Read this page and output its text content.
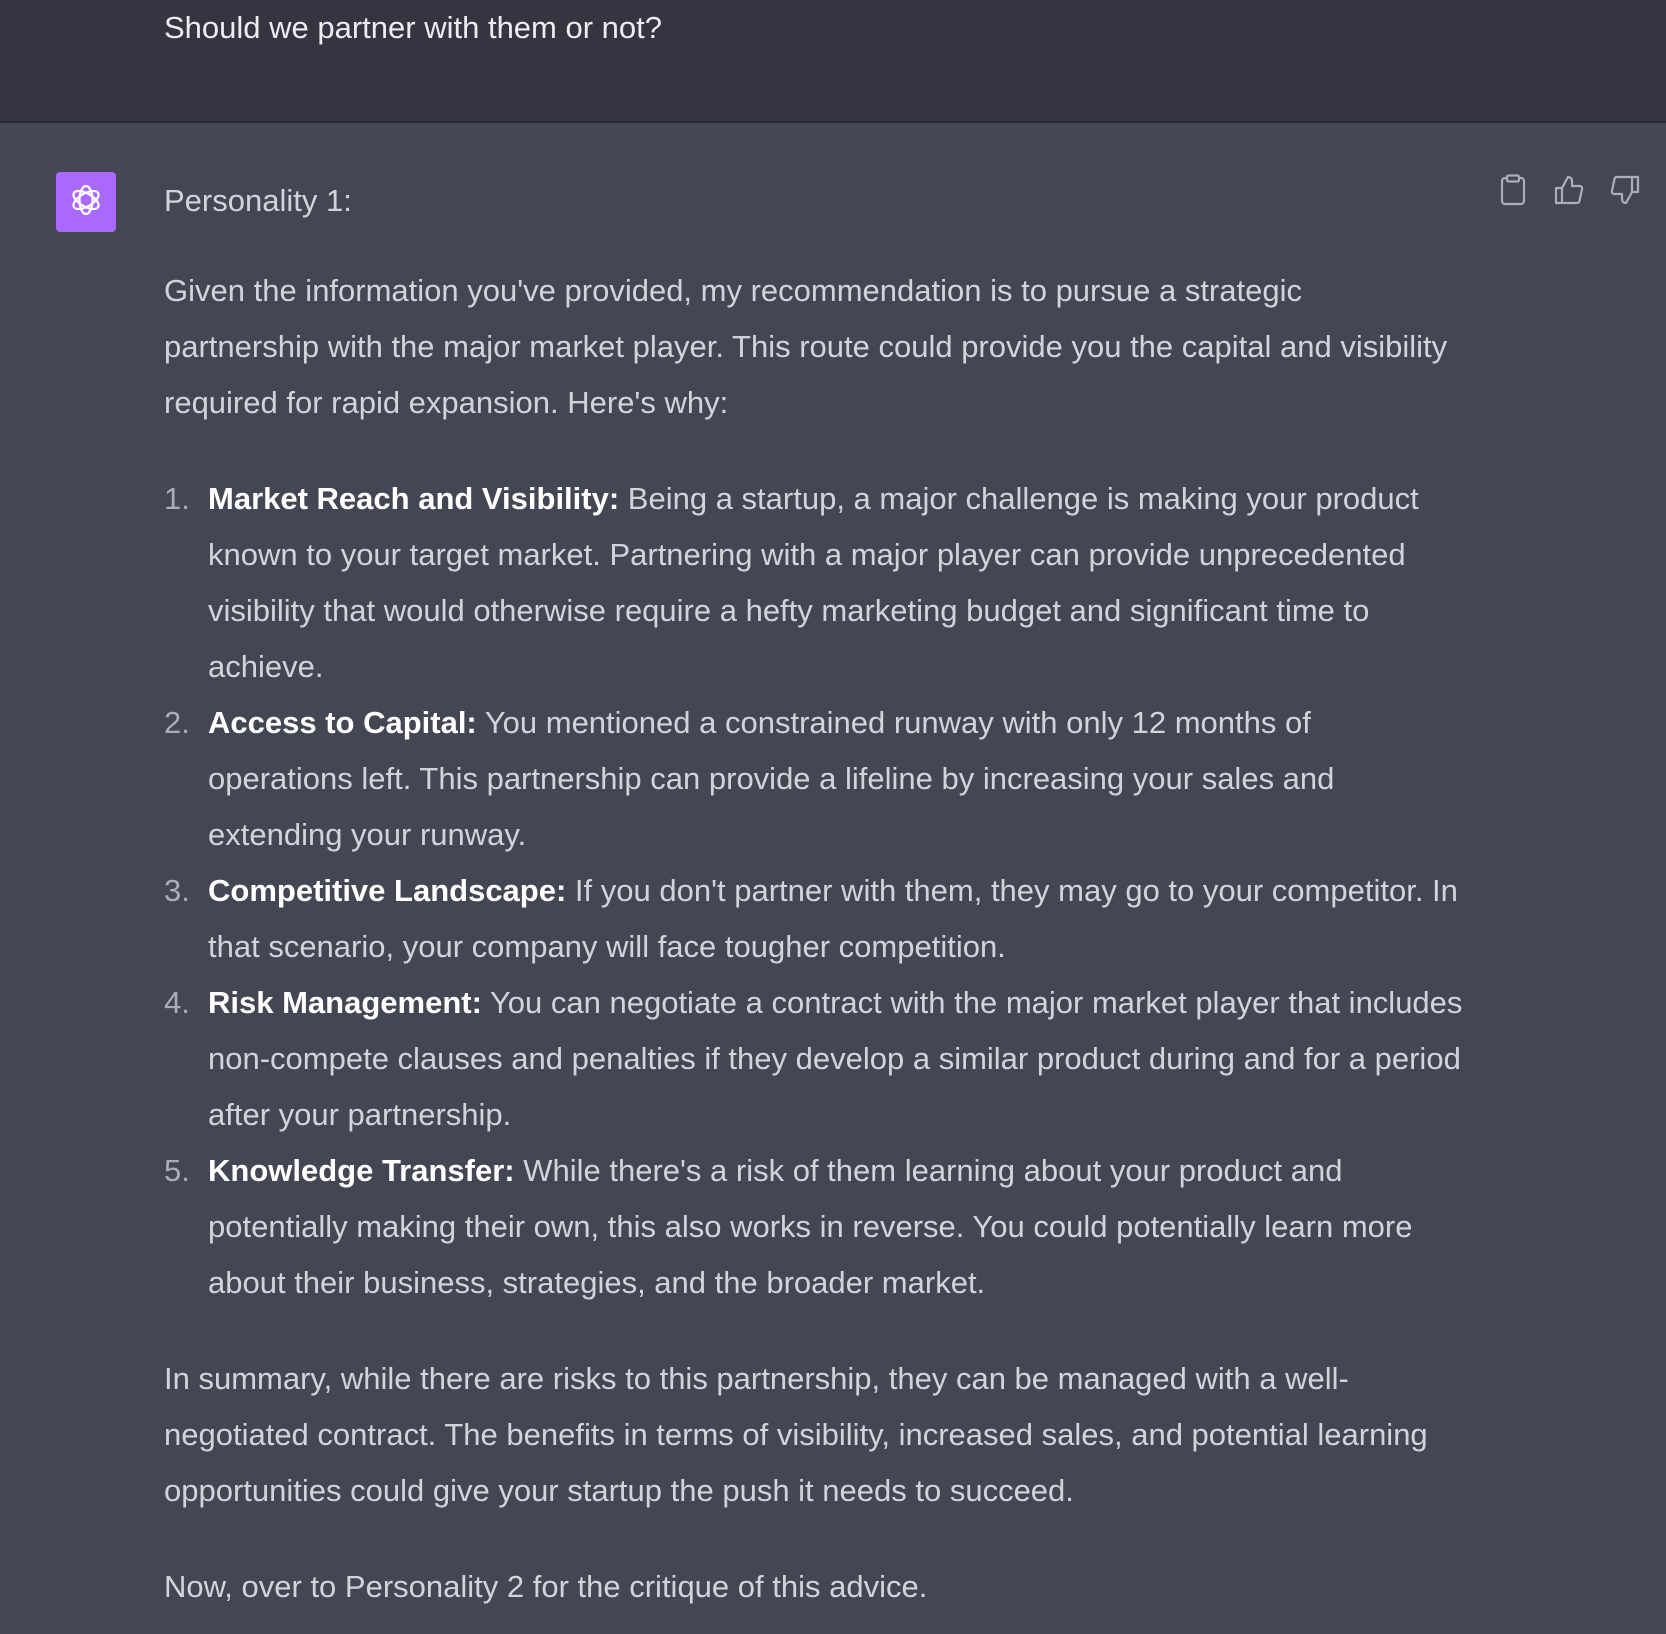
Should we partner with them or not?

Personality 1:

Given the information you've provided, my recommendation is to pursue a strategic partnership with the major market player. This route could provide you the capital and visibility required for rapid expansion. Here's why:

1. Market Reach and Visibility: Being a startup, a major challenge is making your product known to your target market. Partnering with a major player can provide unprecedented visibility that would otherwise require a hefty marketing budget and significant time to achieve.
2. Access to Capital: You mentioned a constrained runway with only 12 months of operations left. This partnership can provide a lifeline by increasing your sales and extending your runway.
3. Competitive Landscape: If you don't partner with them, they may go to your competitor. In that scenario, your company will face tougher competition.
4. Risk Management: You can negotiate a contract with the major market player that includes non-compete clauses and penalties if they develop a similar product during and for a period after your partnership.
5. Knowledge Transfer: While there's a risk of them learning about your product and potentially making their own, this also works in reverse. You could potentially learn more about their business, strategies, and the broader market.

In summary, while there are risks to this partnership, they can be managed with a well-negotiated contract. The benefits in terms of visibility, increased sales, and potential learning opportunities could give your startup the push it needs to succeed.

Now, over to Personality 2 for the critique of this advice.
